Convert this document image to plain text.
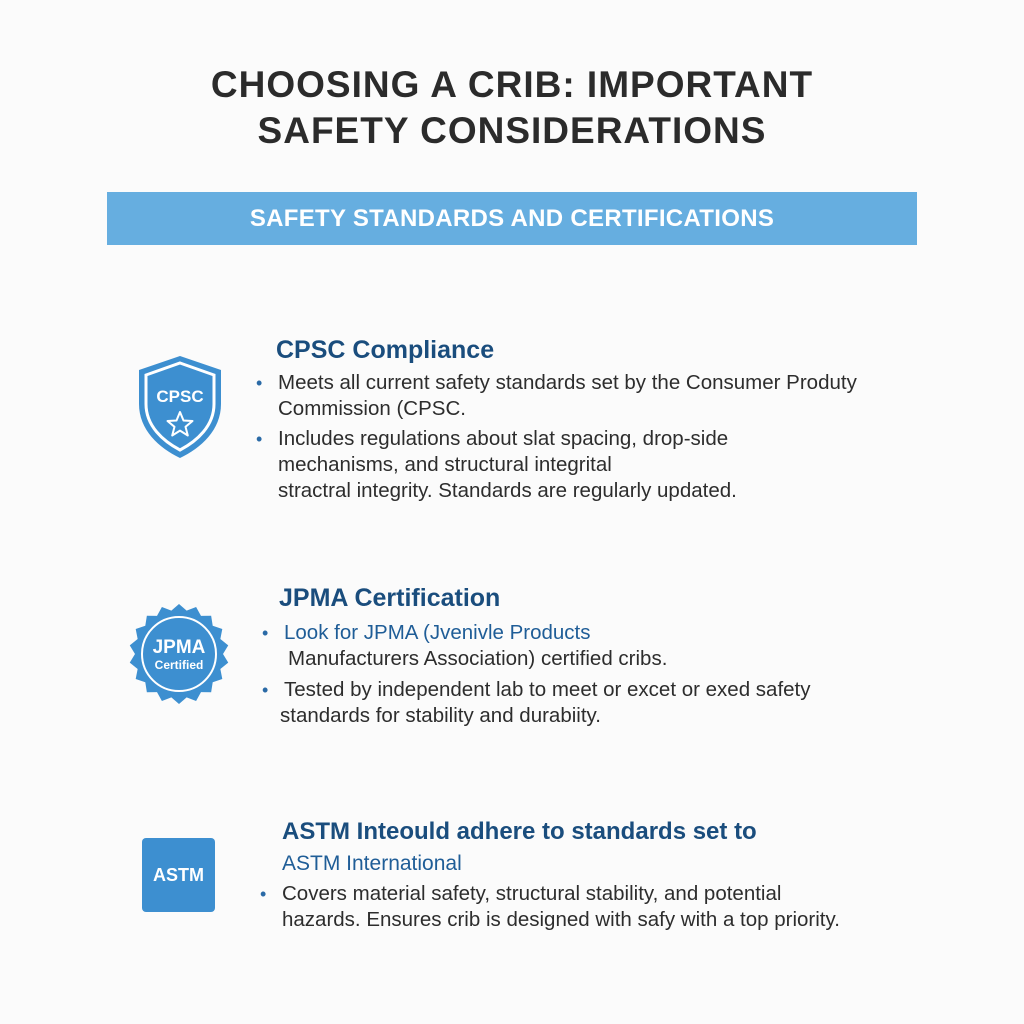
CHOOSING A CRIB: IMPORTANT
SAFETY CONSIDERATIONS
SAFETY STANDARDS AND CERTIFICATIONS
CPSC
CPSC Compliance
• Meets all current safety standards set by the Consumer Produty
Commission (CPSC.
• Includes regulations about slat spacing, drop-side
mechanisms, and structural integrital
stractral integrity. Standards are regularly updated.
JPMA
Certified
JPMA Certification
• Look for JPMA (Jvenivle Products
Manufacturers Association) certified cribs.
• Tested by independent lab to meet or excet or exed safety
standards for stability and durabiity.
ASTM
ASTM Inteould adhere to standards set to
ASTM International
• Covers material safety, structural stability, and potential
hazards. Ensures crib is designed with safy with a top priority.
